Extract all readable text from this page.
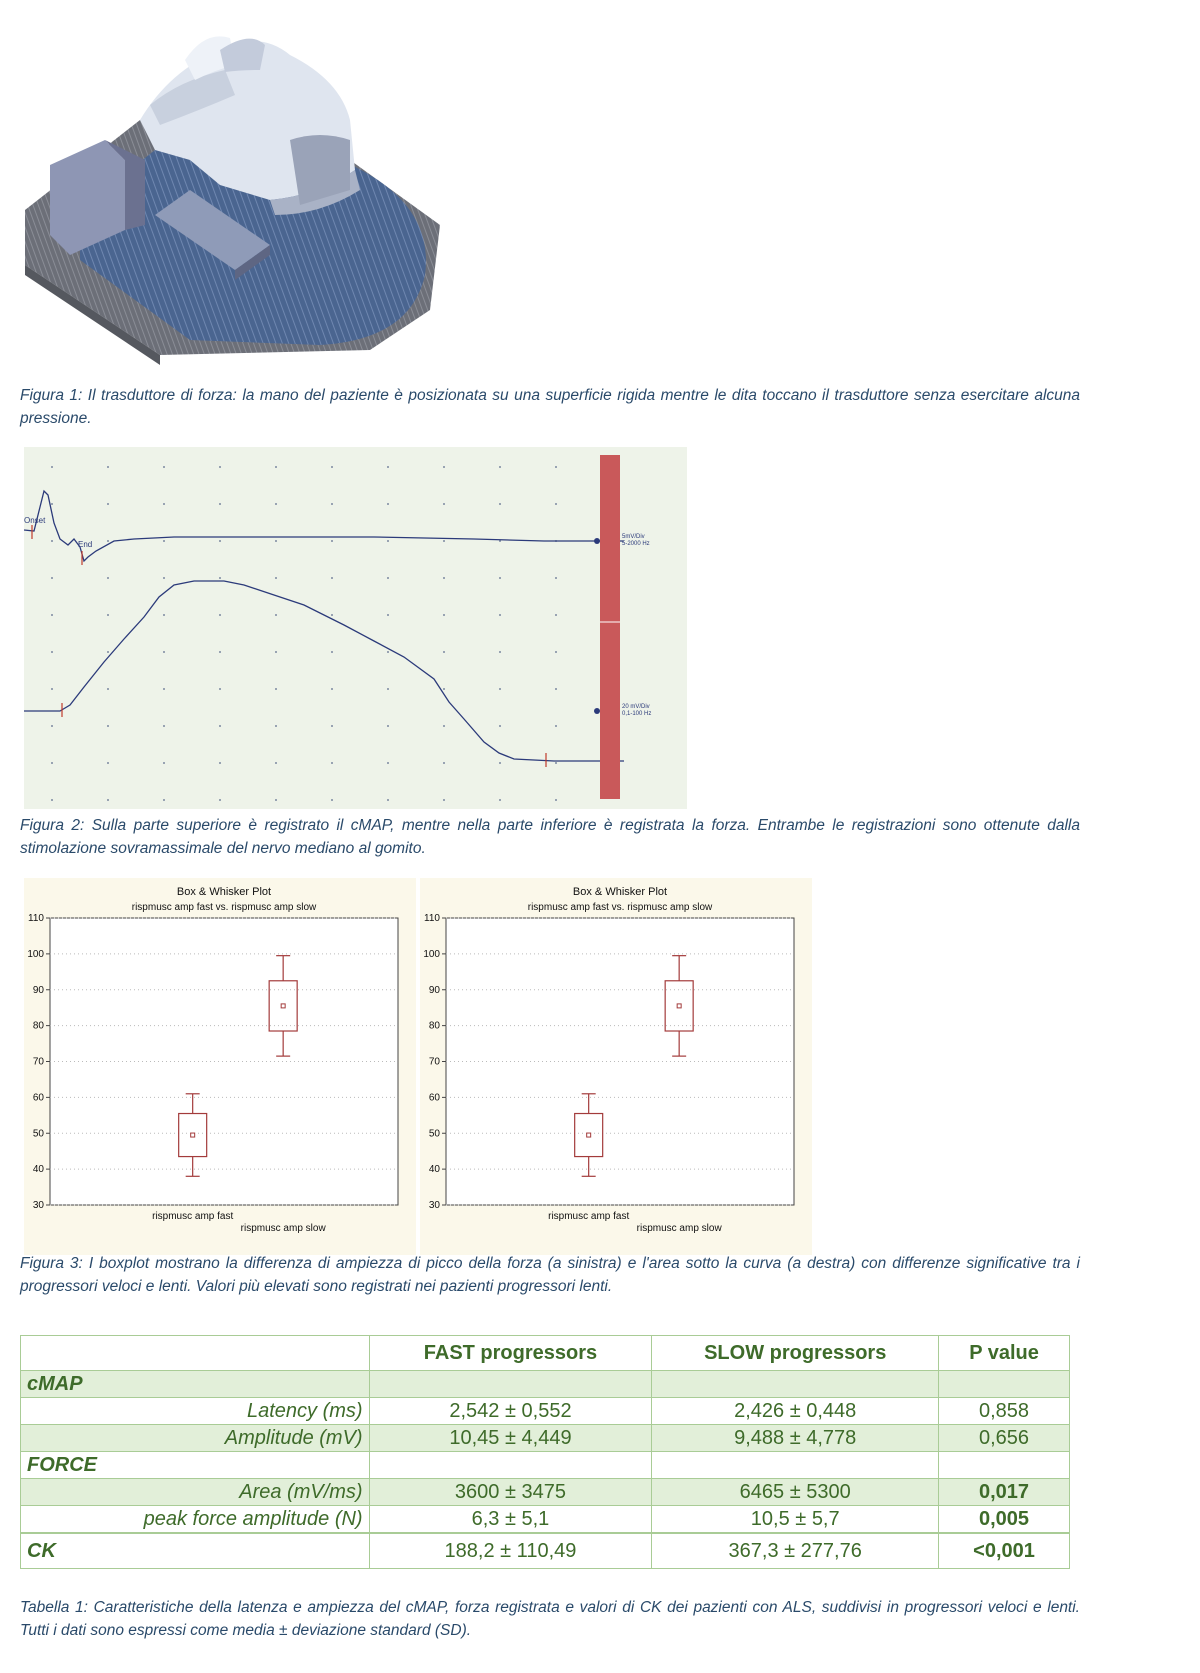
Figura 1: Il trasduttore di forza: la mano del paziente è posizionata su una superficie rigida mentre le dita toccano il trasduttore senza esercitare alcuna pressione.
Onset
End
5mV/Div
5-2000 Hz
20 mV/Div
0,1-100 Hz
Figura 2: Sulla parte superiore è registrato il cMAP, mentre nella parte inferiore è registrata la forza. Entrambe le registrazioni sono ottenute dalla stimolazione sovramassimale del nervo mediano al gomito.
Box & Whisker Plot
rispmusc amp fast vs. rispmusc amp slow
30
40
50
60
70
80
90
100
110
rispmusc amp fast
rispmusc amp slow
Box & Whisker Plot
rispmusc amp fast vs. rispmusc amp slow
30
40
50
60
70
80
90
100
110
rispmusc amp fast
rispmusc amp slow
Figura 3: I boxplot mostrano la differenza di ampiezza di picco della forza (a sinistra) e l'area sotto la curva (a destra) con differenze significative tra i progressori veloci e lenti. Valori più elevati sono registrati nei pazienti progressori lenti.
	FAST progressors	SLOW progressors	P value
cMAP			
Latency (ms)	2,542 ± 0,552	2,426 ± 0,448	0,858
Amplitude (mV)	10,45 ± 4,449	9,488 ± 4,778	0,656
FORCE			
Area (mV/ms)	3600 ± 3475	6465 ± 5300	0,017
peak force amplitude (N)	6,3 ± 5,1	10,5 ± 5,7	0,005
CK	188,2 ± 110,49	367,3 ± 277,76	<0,001
Tabella 1: Caratteristiche della latenza e ampiezza del cMAP, forza registrata e valori di CK dei pazienti con ALS, suddivisi in progressori veloci e lenti. Tutti i dati sono espressi come media ± deviazione standard (SD).
